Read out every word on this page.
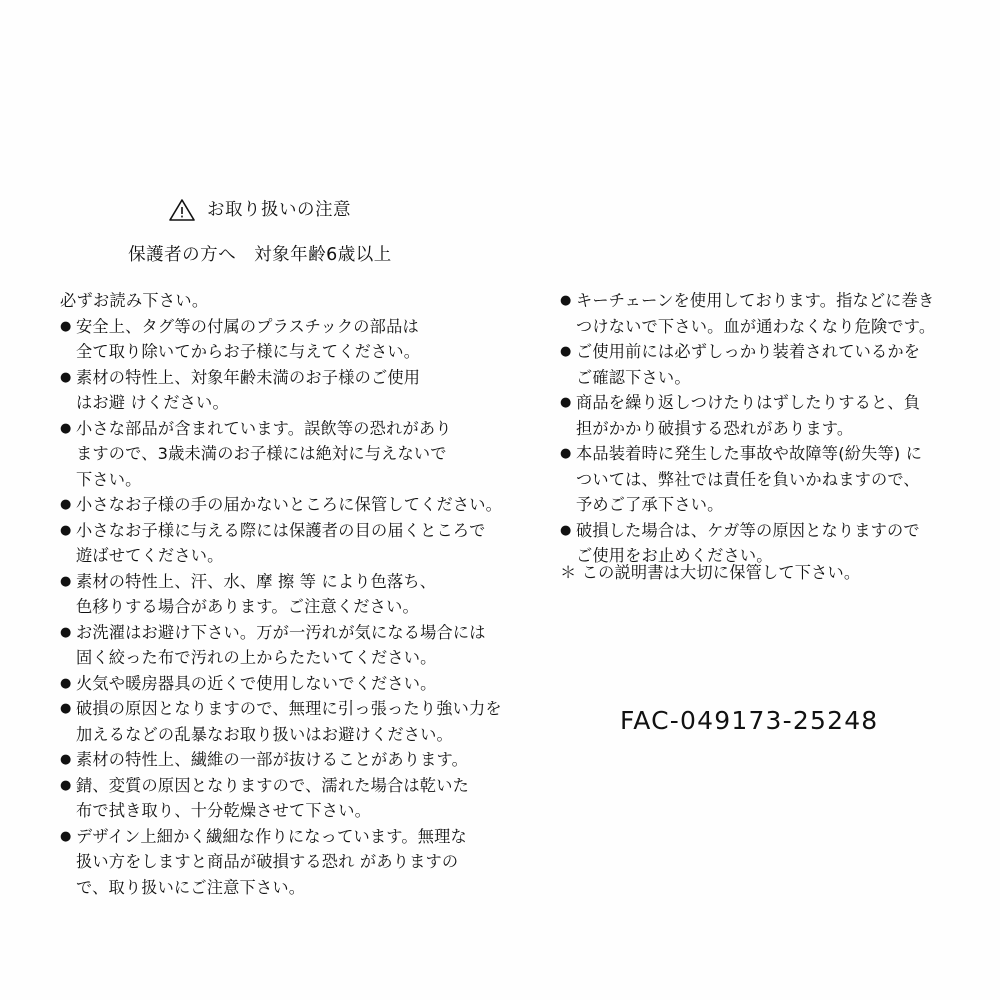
お取り扱いの注意
保護者の方へ　対象年齢6歳以上
必ずお読み下さい。
● 安全上、タグ等の付属のプラスチックの部品は
全て取り除いてからお子様に与えてください。
● 素材の特性上、対象年齢未満のお子様のご使用
はお避 けください。
● 小さな部品が含まれています。誤飲等の恐れがあり
ますので、3歳未満のお子様には絶対に与えないで
下さい。
● 小さなお子様の手の届かないところに保管してください。
● 小さなお子様に与える際には保護者の目の届くところで
遊ばせてください。
● 素材の特性上、汗、水、摩 擦 等 により色落ち、
色移りする場合があります。ご注意ください。
● お洗濯はお避け下さい。万が一汚れが気になる場合には
固く絞った布で汚れの上からたたいてください。
● 火気や暖房器具の近くで使用しないでください。
● 破損の原因となりますので、無理に引っ張ったり強い力を
加えるなどの乱暴なお取り扱いはお避けください。
● 素材の特性上、繊維の一部が抜けることがあります。
● 錆、変質の原因となりますので、濡れた場合は乾いた
布で拭き取り、十分乾燥させて下さい。
● デザイン上細かく繊細な作りになっています。無理な
扱い方をしますと商品が破損する恐れ がありますの
で、取り扱いにご注意下さい。
● キーチェーンを使用しております。指などに巻き
つけないで下さい。血が通わなくなり危険です。
● ご使用前には必ずしっかり装着されているかを
ご確認下さい。
● 商品を繰り返しつけたりはずしたりすると、負
担がかかり破損する恐れがあります。
● 本品装着時に発生した事故や故障等(紛失等) に
ついては、弊社では責任を負いかねますので、
予めご了承下さい。
● 破損した場合は、ケガ等の原因となりますので
ご使用をお止めください。
＊ この説明書は大切に保管して下さい。
FAC-049173-25248
